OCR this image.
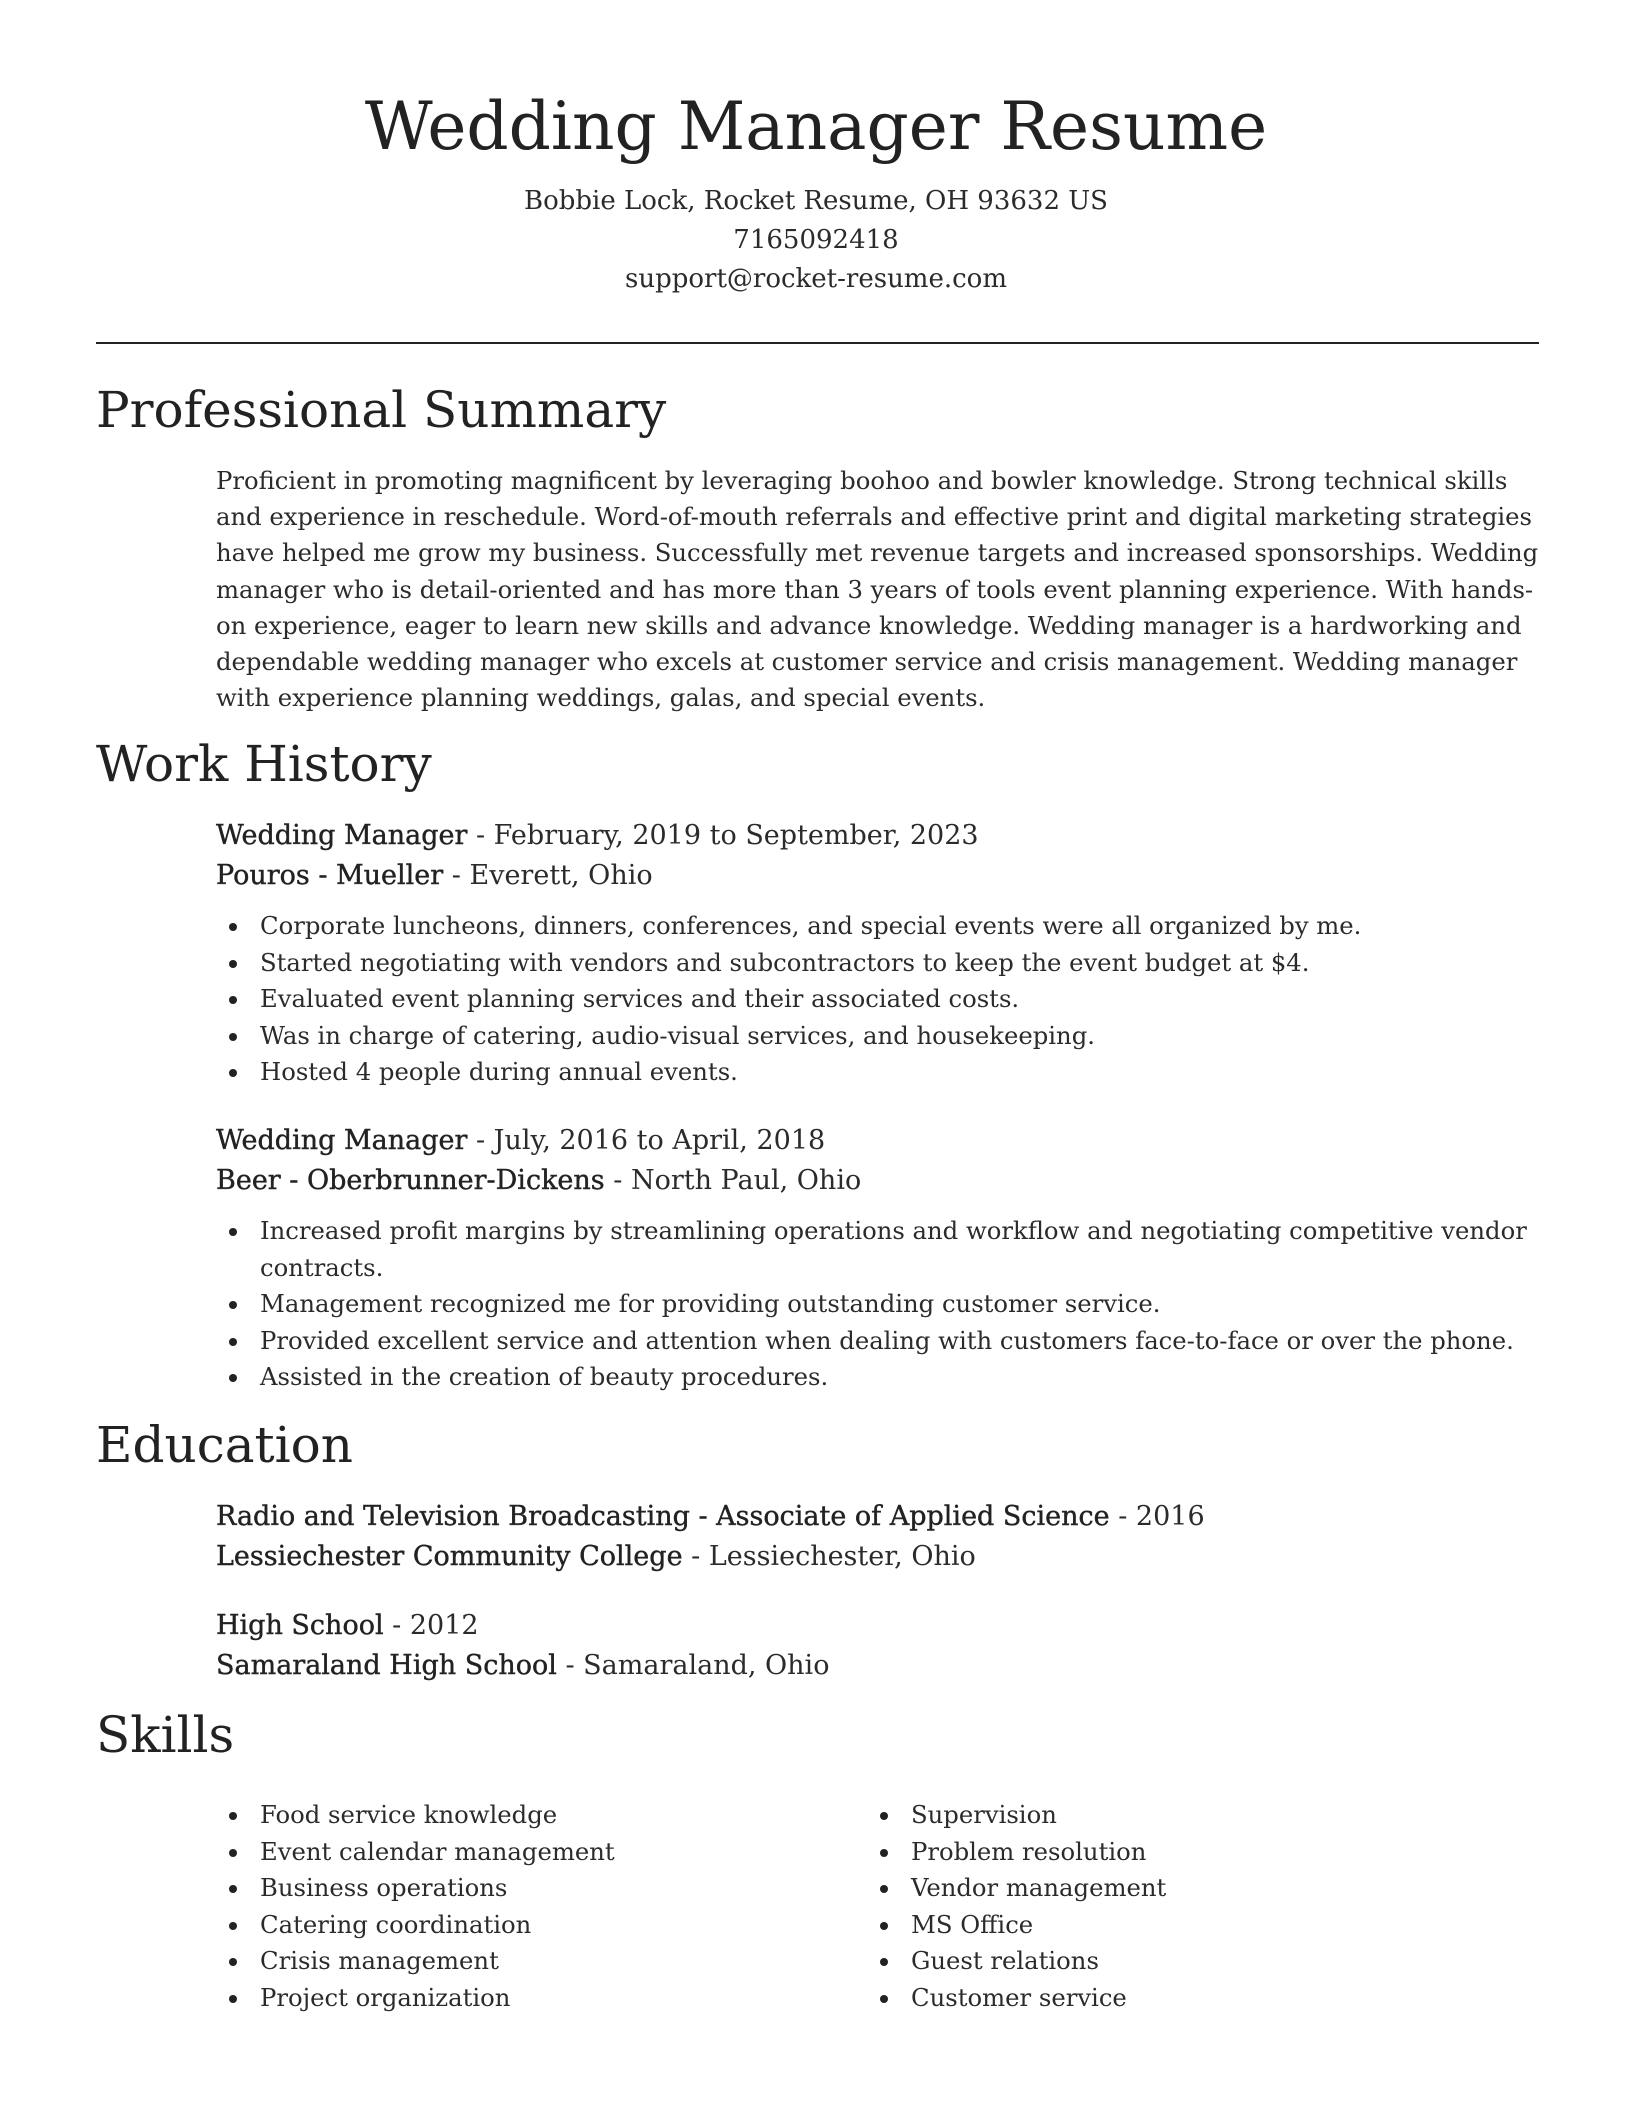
Wedding Manager Resume
Bobbie Lock, Rocket Resume, OH 93632 US
7165092418
support@rocket-resume.com
Professional Summary

Proficient in promoting magnificent by leveraging boohoo and bowler knowledge. Strong technical skills and experience in reschedule. Word-of-mouth referrals and effective print and digital marketing strategies have helped me grow my business. Successfully met revenue targets and increased sponsorships. Wedding manager who is detail-oriented and has more than 3 years of tools event planning experience. With hands-on experience, eager to learn new skills and advance knowledge. Wedding manager is a hardworking and dependable wedding manager who excels at customer service and crisis management. Wedding manager with experience planning weddings, galas, and special events.

Work History
Wedding Manager - February, 2019 to September, 2023
Pouros - Mueller - Everett, Ohio
Corporate luncheons, dinners, conferences, and special events were all organized by me.
Started negotiating with vendors and subcontractors to keep the event budget at $4.
Evaluated event planning services and their associated costs.
Was in charge of catering, audio-visual services, and housekeeping.
Hosted 4 people during annual events.
Wedding Manager - July, 2016 to April, 2018
Beer - Oberbrunner-Dickens - North Paul, Ohio
Increased profit margins by streamlining operations and workflow and negotiating competitive vendor contracts.
Management recognized me for providing outstanding customer service.
Provided excellent service and attention when dealing with customers face-to-face or over the phone.
Assisted in the creation of beauty procedures.
Education
Radio and Television Broadcasting - Associate of Applied Science - 2016
Lessiechester Community College - Lessiechester, Ohio
High School - 2012
Samaraland High School - Samaraland, Ohio
Skills
Food service knowledge
Event calendar management
Business operations
Catering coordination
Crisis management
Project organization
Supervision
Problem resolution
Vendor management
MS Office
Guest relations
Customer service
